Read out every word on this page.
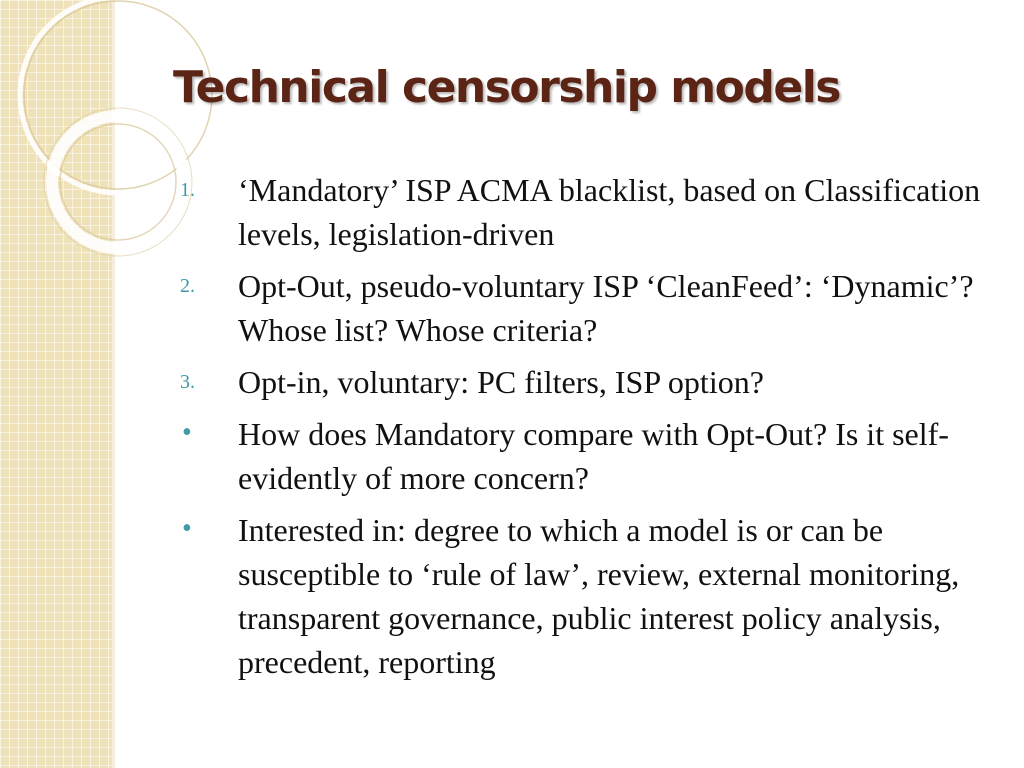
Technical censorship models
1. ‘Mandatory’ ISP ACMA blacklist, based on Classification levels, legislation-driven
2. Opt-Out, pseudo-voluntary ISP ‘CleanFeed’: ‘Dynamic’? Whose list? Whose criteria?
3. Opt-in, voluntary: PC filters, ISP option?
• How does Mandatory compare with Opt-Out? Is it self-evidently of more concern?
• Interested in: degree to which a model is or can be susceptible to ‘rule of law’, review, external monitoring, transparent governance, public interest policy analysis, precedent, reporting
